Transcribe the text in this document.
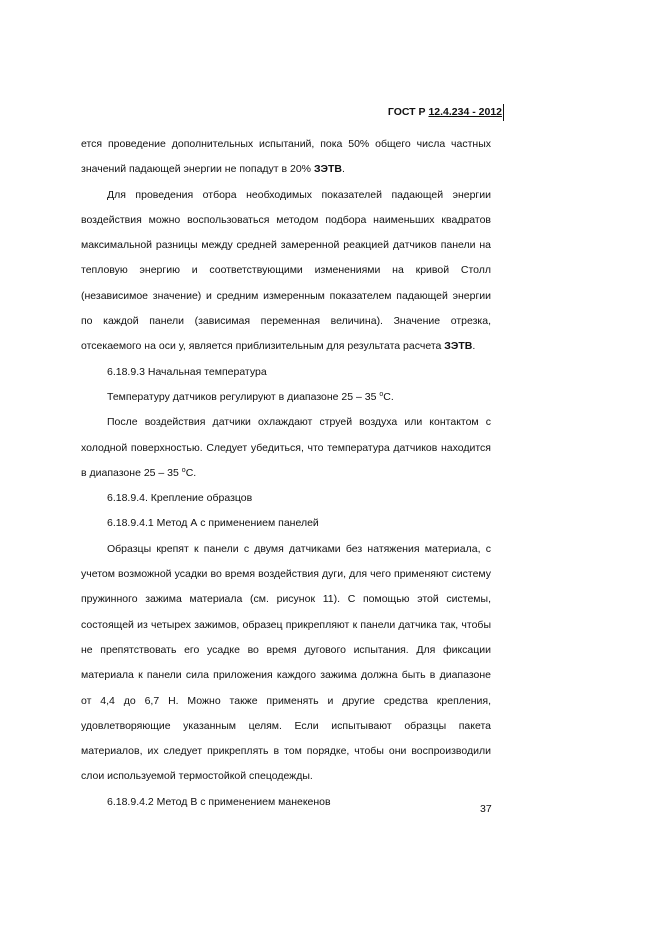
ГОСТ Р 12.4.234 - 2012

ется проведение дополнительных испытаний, пока 50% общего числа частных значений падающей энергии не попадут в 20% ЗЭТВ.

Для проведения отбора необходимых показателей падающей энергии воздействия можно воспользоваться методом подбора наименьших квадратов максимальной разницы между средней замеренной реакцией датчиков панели на тепловую энергию и соответствующими изменениями на кривой Столл (независимое значение) и средним измеренным показателем падающей энергии по каждой панели (зависимая переменная величина). Значение отрезка, отсекаемого на оси у, является приблизительным для результата расчета ЗЭТВ.

6.18.9.3 Начальная температура

Температуру датчиков регулируют в диапазоне 25 – 35 $^о$С.

После воздействия датчики охлаждают струей воздуха или контактом с холодной поверхностью. Следует убедиться, что температура датчиков находится в диапазоне 25 – 35 $^о$С.

6.18.9.4. Крепление образцов

6.18.9.4.1 Метод А с применением панелей

Образцы крепят к панели с двумя датчиками без натяжения материала, с учетом возможной усадки во время воздействия дуги, для чего применяют систему пружинного зажима материала (см. рисунок 11). С помощью этой системы, состоящей из четырех зажимов, образец прикрепляют к панели датчика так, чтобы не препятствовать его усадке во время дугового испытания. Для фиксации материала к панели сила приложения каждого зажима должна быть в диапазоне от 4,4 до 6,7 Н. Можно также применять и другие средства крепления, удовлетворяющие указанным целям. Если испытывают образцы пакета материалов, их следует прикреплять в том порядке, чтобы они воспроизводили слои используемой термостойкой спецодежды.

6.18.9.4.2 Метод В с применением манекенов

37
